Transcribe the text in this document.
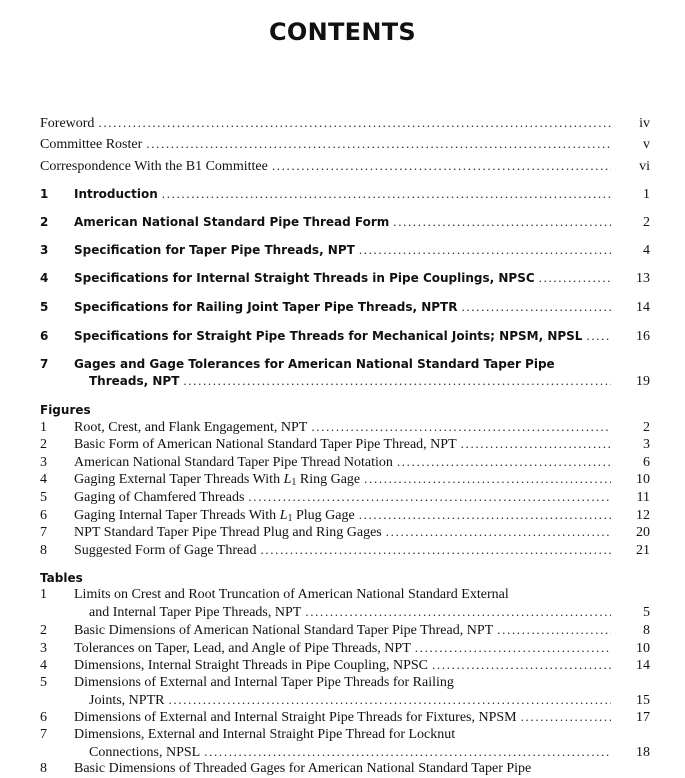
CONTENTS
Foreword . . .	iv
Committee Roster . . .	v
Correspondence With the B1 Committee . . .	vi
1	Introduction . . .	1
2	American National Standard Pipe Thread Form . . .	2
3	Specification for Taper Pipe Threads, NPT . . .	4
4	Specifications for Internal Straight Threads in Pipe Couplings, NPSC . . .	13
5	Specifications for Railing Joint Taper Pipe Threads, NPTR . . .	14
6	Specifications for Straight Pipe Threads for Mechanical Joints; NPSM, NPSL . . .	16
7	Gages and Gage Tolerances for American National Standard Taper Pipe
Threads, NPT . . .	19
Figures
1	Root, Crest, and Flank Engagement, NPT . . .	2
2	Basic Form of American National Standard Taper Pipe Thread, NPT . . .	3
3	American National Standard Taper Pipe Thread Notation . . .	6
4	Gaging External Taper Threads With L1 Ring Gage . . .	10
5	Gaging of Chamfered Threads . . .	11
6	Gaging Internal Taper Threads With L1 Plug Gage . . .	12
7	NPT Standard Taper Pipe Thread Plug and Ring Gages . . .	20
8	Suggested Form of Gage Thread . . .	21
Tables
1	Limits on Crest and Root Truncation of American National Standard External
and Internal Taper Pipe Threads, NPT . . .	5
2	Basic Dimensions of American National Standard Taper Pipe Thread, NPT . . .	8
3	Tolerances on Taper, Lead, and Angle of Pipe Threads, NPT . . .	10
4	Dimensions, Internal Straight Threads in Pipe Coupling, NPSC . . .	14
5	Dimensions of External and Internal Taper Pipe Threads for Railing
Joints, NPTR . . .	15
6	Dimensions of External and Internal Straight Pipe Threads for Fixtures, NPSM . . .	17
7	Dimensions, External and Internal Straight Pipe Thread for Locknut
Connections, NPSL . . .	18
8	Basic Dimensions of Threaded Gages for American National Standard Taper Pipe
